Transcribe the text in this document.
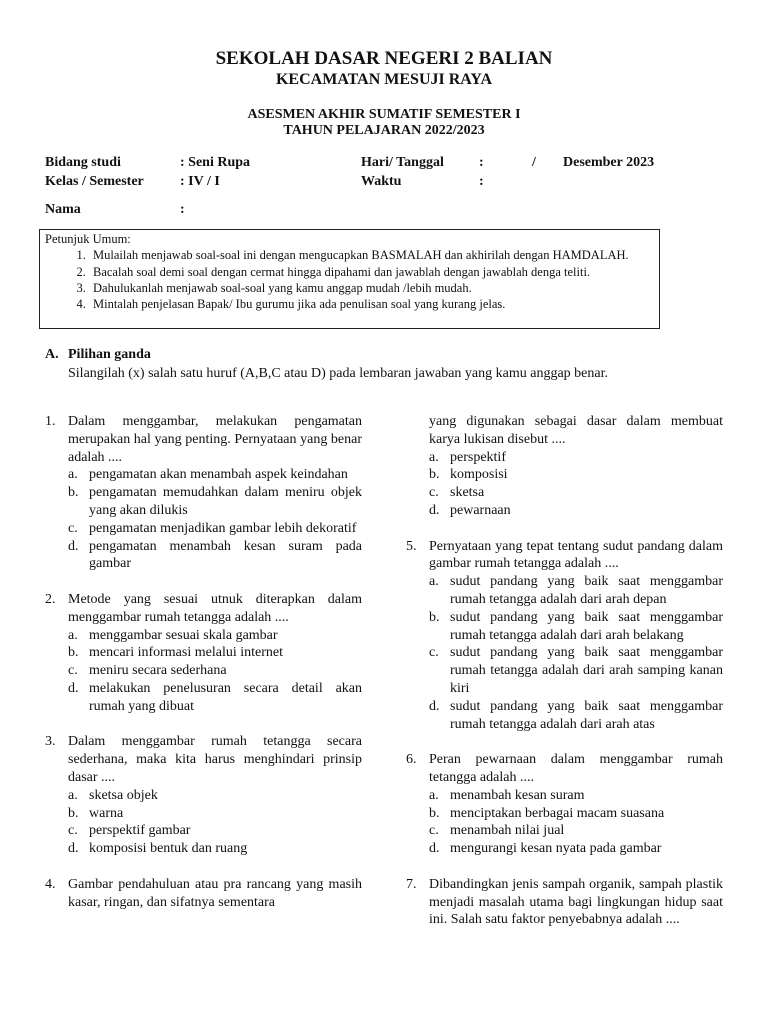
SEKOLAH DASAR NEGERI 2 BALIAN
KECAMATAN MESUJI RAYA
ASESMEN AKHIR SUMATIF SEMESTER I
TAHUN PELAJARAN 2022/2023
Bidang studi	: Seni Rupa
Kelas / Semester	: IV / I
Hari/ Tanggal	:	/ Desember 2023
Waktu	:
Nama	:
Petunjuk Umum:
1. Mulailah menjawab soal-soal ini dengan mengucapkan BASMALAH dan akhirilah dengan HAMDALAH.
2. Bacalah soal demi soal dengan cermat hingga dipahami dan jawablah dengan jawablah denga teliti.
3. Dahulukanlah menjawab soal-soal yang kamu anggap mudah /lebih mudah.
4. Mintalah penjelasan Bapak/ Ibu gurumu jika ada penulisan soal yang kurang jelas.
A. Pilihan ganda
Silangilah (x) salah satu huruf (A,B,C atau D) pada lembaran jawaban yang kamu anggap benar.
1. Dalam menggambar, melakukan pengamatan merupakan hal yang penting. Pernyataan yang benar adalah ....
a. pengamatan akan menambah aspek keindahan
b. pengamatan memudahkan dalam meniru objek yang akan dilukis
c. pengamatan menjadikan gambar lebih dekoratif
d. pengamatan menambah kesan suram pada gambar
2. Metode yang sesuai utnuk diterapkan dalam menggambar rumah tetangga adalah ....
a. menggambar sesuai skala gambar
b. mencari informasi melalui internet
c. meniru secara sederhana
d. melakukan penelusuran secara detail akan rumah yang dibuat
3. Dalam menggambar rumah tetangga secara sederhana, maka kita harus menghindari prinsip dasar ....
a. sketsa objek
b. warna
c. perspektif gambar
d. komposisi bentuk dan ruang
4. Gambar pendahuluan atau pra rancang yang masih kasar, ringan, dan sifatnya sementara
yang digunakan sebagai dasar dalam membuat karya lukisan disebut ....
a. perspektif
b. komposisi
c. sketsa
d. pewarnaan
5. Pernyataan yang tepat tentang sudut pandang dalam gambar rumah tetangga adalah ....
a. sudut pandang yang baik saat menggambar rumah tetangga adalah dari arah depan
b. sudut pandang yang baik saat menggambar rumah tetangga adalah dari arah belakang
c. sudut pandang yang baik saat menggambar rumah tetangga adalah dari arah samping kanan kiri
d. sudut pandang yang baik saat menggambar rumah tetangga adalah dari arah atas
6. Peran pewarnaan dalam menggambar rumah tetangga adalah ....
a. menambah kesan suram
b. menciptakan berbagai macam suasana
c. menambah nilai jual
d. mengurangi kesan nyata pada gambar
7. Dibandingkan jenis sampah organik, sampah plastik menjadi masalah utama bagi lingkungan hidup saat ini. Salah satu faktor penyebabnya adalah ....
